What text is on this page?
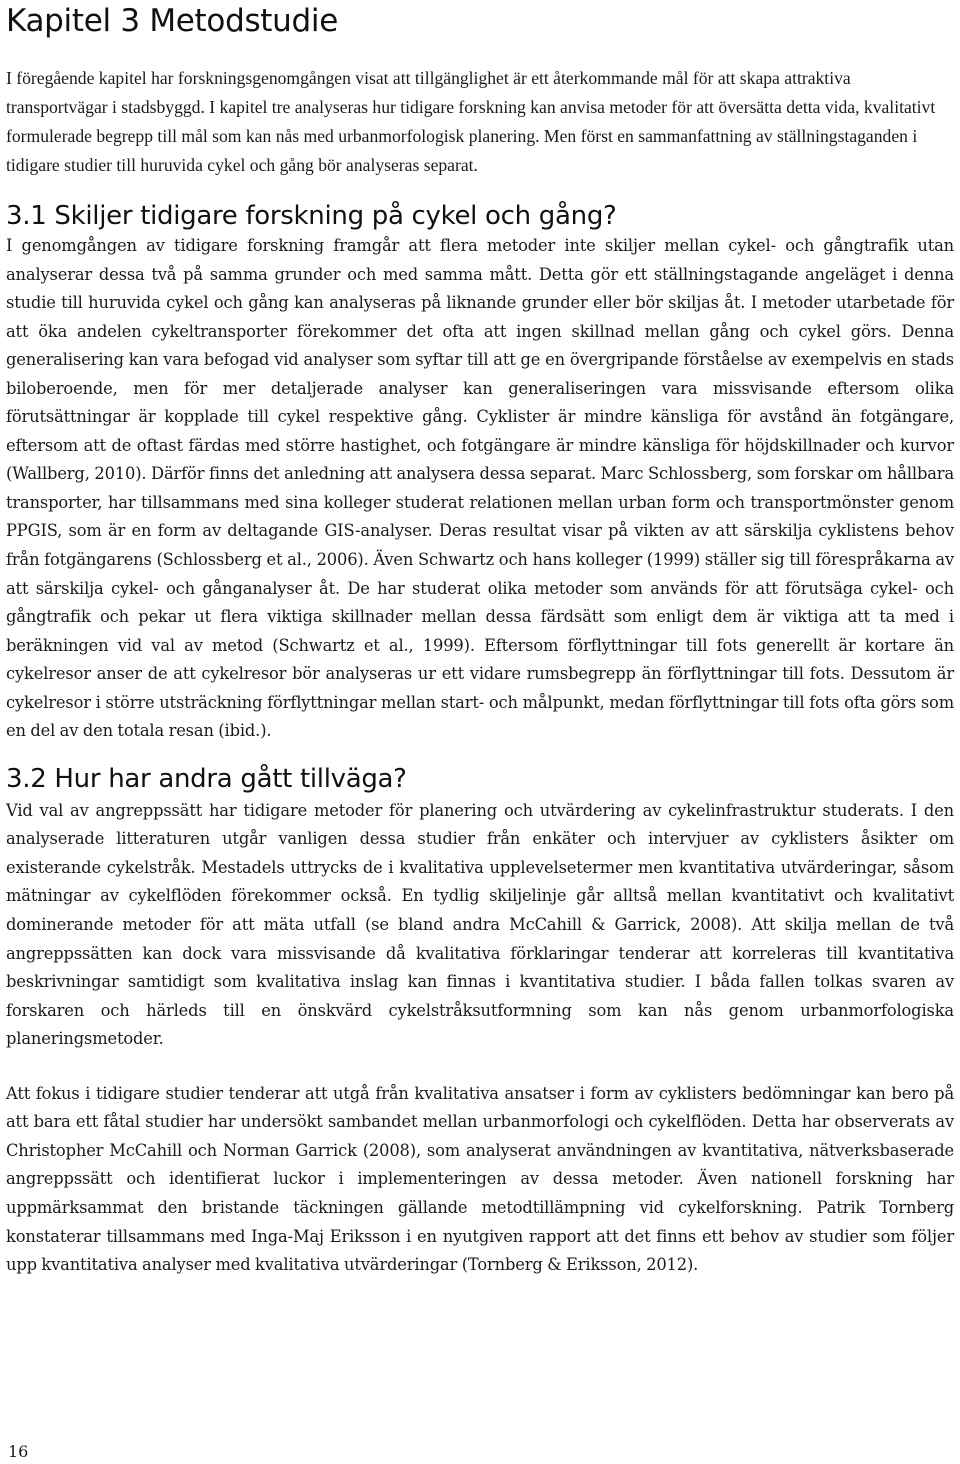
Kapitel 3 Metodstudie

I föregående kapitel har forskningsgenomgången visat att tillgänglighet är ett återkommande mål för att skapa attraktiva transportvägar i stadsbyggd. I kapitel tre analyseras hur tidigare forskning kan anvisa metoder för att översätta detta vida, kvalitativt formulerade begrepp till mål som kan nås med urbanmorfologisk planering. Men först en sammanfattning av ställningstaganden i tidigare studier till huruvida cykel och gång bör analyseras separat.

3.1 Skiljer tidigare forskning på cykel och gång?

I genomgången av tidigare forskning framgår att flera metoder inte skiljer mellan cykel- och gångtrafik utan analyserar dessa två på samma grunder och med samma mått. Detta gör ett ställningstagande angeläget i denna studie till huruvida cykel och gång kan analyseras på liknande grunder eller bör skiljas åt. I metoder utarbetade för att öka andelen cykeltransporter förekommer det ofta att ingen skillnad mellan gång och cykel görs. Denna generalisering kan vara befogad vid analyser som syftar till att ge en övergripande förståelse av exempelvis en stads biloberoende, men för mer detaljerade analyser kan generaliseringen vara missvisande eftersom olika förutsättningar är kopplade till cykel respektive gång. Cyklister är mindre känsliga för avstånd än fotgängare, eftersom att de oftast färdas med större hastighet, och fotgängare är mindre känsliga för höjdskillnader och kurvor (Wallberg, 2010). Därför finns det anledning att analysera dessa separat. Marc Schlossberg, som forskar om hållbara transporter, har tillsammans med sina kolleger studerat relationen mellan urban form och transportmönster genom PPGIS, som är en form av deltagande GIS-analyser. Deras resultat visar på vikten av att särskilja cyklistens behov från fotgängarens (Schlossberg et al., 2006). Även Schwartz och hans kolleger (1999) ställer sig till förespråkarna av att särskilja cykel- och gånganalyser åt. De har studerat olika metoder som används för att förutsäga cykel- och gångtrafik och pekar ut flera viktiga skillnader mellan dessa färdsätt som enligt dem är viktiga att ta med i beräkningen vid val av metod (Schwartz et al., 1999). Eftersom förflyttningar till fots generellt är kortare än cykelresor anser de att cykelresor bör analyseras ur ett vidare rumsbegrepp än förflyttningar till fots. Dessutom är cykelresor i större utsträckning förflyttningar mellan start- och målpunkt, medan förflyttningar till fots ofta görs som en del av den totala resan (ibid.).

3.2 Hur har andra gått tillväga?

Vid val av angreppssätt har tidigare metoder för planering och utvärdering av cykelinfrastruktur studerats. I den analyserade litteraturen utgår vanligen dessa studier från enkäter och intervjuer av cyklisters åsikter om existerande cykelstråk. Mestadels uttrycks de i kvalitativa upplevelsetermer men kvantitativa utvärderingar, såsom mätningar av cykelflöden förekommer också. En tydlig skiljelinje går alltså mellan kvantitativt och kvalitativt dominerande metoder för att mäta utfall (se bland andra McCahill & Garrick, 2008). Att skilja mellan de två angreppssätten kan dock vara missvisande då kvalitativa förklaringar tenderar att korreleras till kvantitativa beskrivningar samtidigt som kvalitativa inslag kan finnas i kvantitativa studier. I båda fallen tolkas svaren av forskaren och härleds till en önskvärd cykelstråksutformning som kan nås genom urbanmorfologiska planeringsmetoder.

Att fokus i tidigare studier tenderar att utgå från kvalitativa ansatser i form av cyklisters bedömningar kan bero på att bara ett fåtal studier har undersökt sambandet mellan urbanmorfologi och cykelflöden. Detta har observerats av Christopher McCahill och Norman Garrick (2008), som analyserat användningen av kvantitativa, nätverksbaserade angreppssätt och identifierat luckor i implementeringen av dessa metoder. Även nationell forskning har uppmärksammat den bristande täckningen gällande metodtillämpning vid cykelforskning. Patrik Tornberg konstaterar tillsammans med Inga-Maj Eriksson i en nyutgiven rapport att det finns ett behov av studier som följer upp kvantitativa analyser med kvalitativa utvärderingar (Tornberg & Eriksson, 2012).

16
